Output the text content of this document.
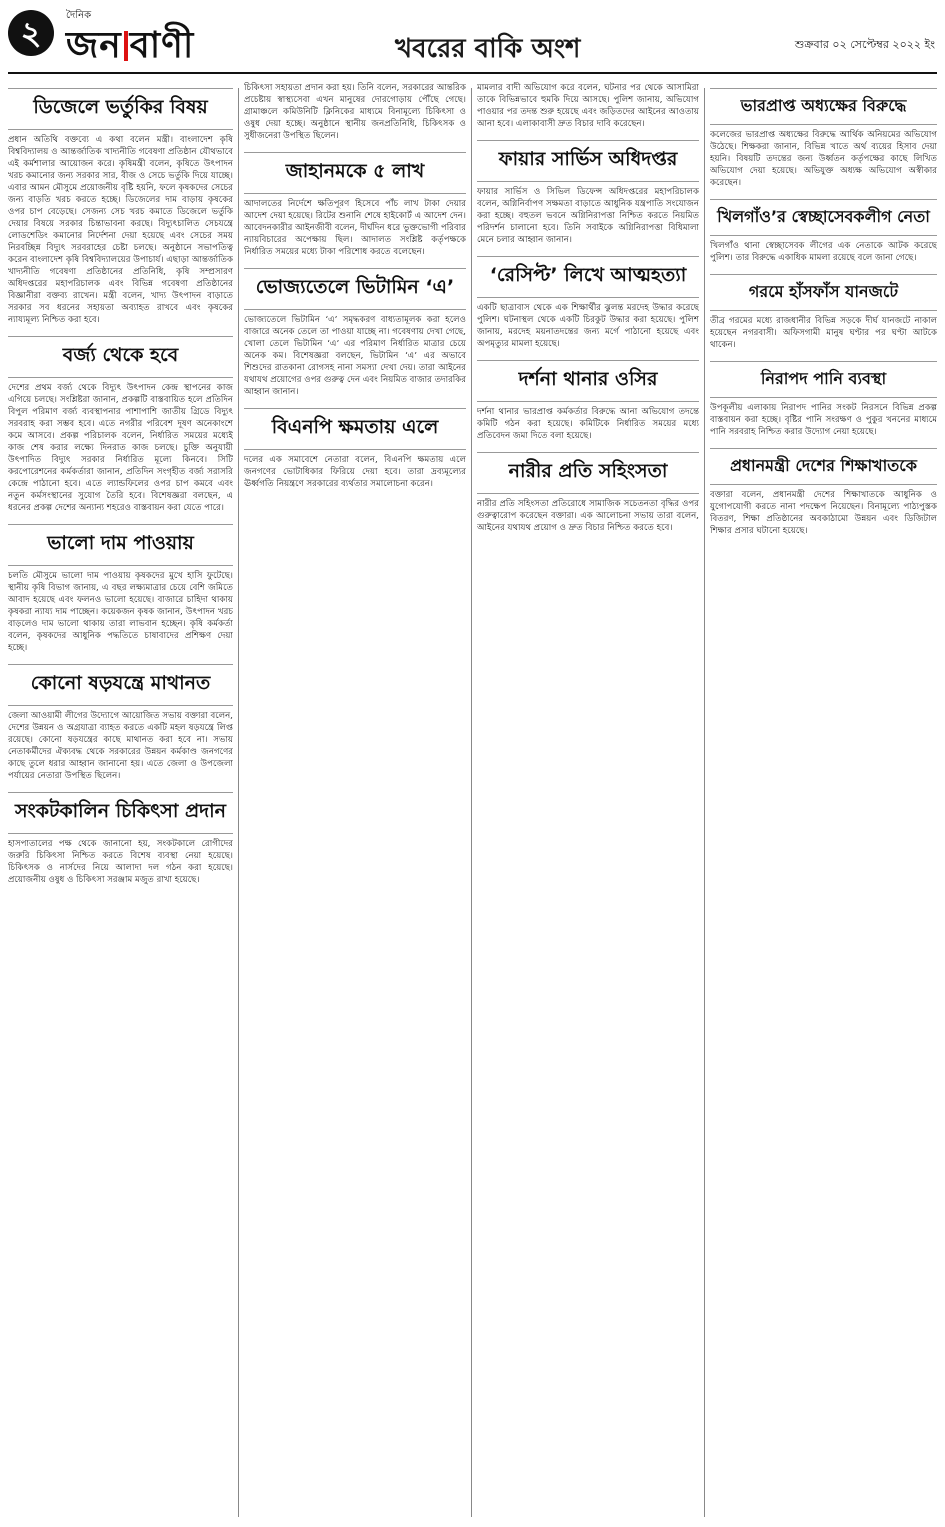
২	দৈনিক
জন বাণী	খবরের বাকি অংশ	শুক্রবার ০২ সেপ্টেম্বর ২০২২ ইং
ডিজেলে ভর্তুকির বিষয়

প্রধান অতিথি বক্তব্যে এ কথা বলেন মন্ত্রী। বাংলাদেশ কৃষি বিশ্ববিদ্যালয় ও আন্তর্জাতিক খাদ্যনীতি গবেষণা প্রতিষ্ঠান যৌথভাবে এই কর্মশালার আয়োজন করে। কৃষিমন্ত্রী বলেন, কৃষিতে উৎপাদন খরচ কমানোর জন্য সরকার সার, বীজ ও সেচে ভর্তুকি দিয়ে যাচ্ছে। এবার আমন মৌসুমে প্রয়োজনীয় বৃষ্টি হয়নি, ফলে কৃষকদের সেচের জন্য বাড়তি খরচ করতে হচ্ছে। ডিজেলের দাম বাড়ায় কৃষকের ওপর চাপ বেড়েছে। সেজন্য সেচ খরচ কমাতে ডিজেলে ভর্তুকি দেয়ার বিষয়ে সরকার চিন্তাভাবনা করছে। বিদ্যুৎচালিত সেচযন্ত্রে লোডশেডিং কমানোর নির্দেশনা দেয়া হয়েছে এবং সেচের সময় নিরবচ্ছিন্ন বিদ্যুৎ সরবরাহের চেষ্টা চলছে। অনুষ্ঠানে সভাপতিত্ব করেন বাংলাদেশ কৃষি বিশ্ববিদ্যালয়ের উপাচার্য। এছাড়া আন্তর্জাতিক খাদ্যনীতি গবেষণা প্রতিষ্ঠানের প্রতিনিধি, কৃষি সম্প্রসারণ অধিদপ্তরের মহাপরিচালক এবং বিভিন্ন গবেষণা প্রতিষ্ঠানের বিজ্ঞানীরা বক্তব্য রাখেন। মন্ত্রী বলেন, খাদ্য উৎপাদন বাড়াতে সরকার সব ধরনের সহায়তা অব্যাহত রাখবে এবং কৃষকের ন্যায্যমূল্য নিশ্চিত করা হবে।

বর্জ্য থেকে হবে

দেশের প্রথম বর্জ্য থেকে বিদ্যুৎ উৎপাদন কেন্দ্র স্থাপনের কাজ এগিয়ে চলছে। সংশ্লিষ্টরা জানান, প্রকল্পটি বাস্তবায়িত হলে প্রতিদিন বিপুল পরিমাণ বর্জ্য ব্যবস্থাপনার পাশাপাশি জাতীয় গ্রিডে বিদ্যুৎ সরবরাহ করা সম্ভব হবে। এতে নগরীর পরিবেশ দূষণ অনেকাংশে কমে আসবে। প্রকল্প পরিচালক বলেন, নির্ধারিত সময়ের মধ্যেই কাজ শেষ করার লক্ষ্যে দিনরাত কাজ চলছে। চুক্তি অনুযায়ী উৎপাদিত বিদ্যুৎ সরকার নির্ধারিত মূল্যে কিনবে। সিটি করপোরেশনের কর্মকর্তারা জানান, প্রতিদিন সংগৃহীত বর্জ্য সরাসরি কেন্দ্রে পাঠানো হবে। এতে ল্যান্ডফিলের ওপর চাপ কমবে এবং নতুন কর্মসংস্থানের সুযোগ তৈরি হবে। বিশেষজ্ঞরা বলছেন, এ ধরনের প্রকল্প দেশের অন্যান্য শহরেও বাস্তবায়ন করা যেতে পারে।

ভালো দাম পাওয়ায়

চলতি মৌসুমে ভালো দাম পাওয়ায় কৃষকদের মুখে হাসি ফুটেছে। স্থানীয় কৃষি বিভাগ জানায়, এ বছর লক্ষ্যমাত্রার চেয়ে বেশি জমিতে আবাদ হয়েছে এবং ফলনও ভালো হয়েছে। বাজারে চাহিদা থাকায় কৃষকরা ন্যায্য দাম পাচ্ছেন। কয়েকজন কৃষক জানান, উৎপাদন খরচ বাড়লেও দাম ভালো থাকায় তারা লাভবান হচ্ছেন। কৃষি কর্মকর্তা বলেন, কৃষকদের আধুনিক পদ্ধতিতে চাষাবাদের প্রশিক্ষণ দেয়া হচ্ছে।

কোনো ষড়যন্ত্রে মাথানত

জেলা আওয়ামী লীগের উদ্যোগে আয়োজিত সভায় বক্তারা বলেন, দেশের উন্নয়ন ও অগ্রযাত্রা ব্যাহত করতে একটি মহল ষড়যন্ত্রে লিপ্ত রয়েছে। কোনো ষড়যন্ত্রের কাছে মাথানত করা হবে না। সভায় নেতাকর্মীদের ঐক্যবদ্ধ থেকে সরকারের উন্নয়ন কর্মকাণ্ড জনগণের কাছে তুলে ধরার আহ্বান জানানো হয়। এতে জেলা ও উপজেলা পর্যায়ের নেতারা উপস্থিত ছিলেন।

সংকটকালিন চিকিৎসা প্রদান

হাসপাতালের পক্ষ থেকে জানানো হয়, সংকটকালে রোগীদের জরুরি চিকিৎসা নিশ্চিত করতে বিশেষ ব্যবস্থা নেয়া হয়েছে। চিকিৎসক ও নার্সদের নিয়ে আলাদা দল গঠন করা হয়েছে। প্রয়োজনীয় ওষুধ ও চিকিৎসা সরঞ্জাম মজুত রাখা হয়েছে।

চিকিৎসা সহায়তা প্রদান করা হয়। তিনি বলেন, সরকারের আন্তরিক প্রচেষ্টায় স্বাস্থ্যসেবা এখন মানুষের দোরগোড়ায় পৌঁছে গেছে। গ্রামাঞ্চলে কমিউনিটি ক্লিনিকের মাধ্যমে বিনামূল্যে চিকিৎসা ও ওষুধ দেয়া হচ্ছে। অনুষ্ঠানে স্থানীয় জনপ্রতিনিধি, চিকিৎসক ও সুধীজনেরা উপস্থিত ছিলেন।

জাহানমকে ৫ লাখ

আদালতের নির্দেশে ক্ষতিপূরণ হিসেবে পাঁচ লাখ টাকা দেয়ার আদেশ দেয়া হয়েছে। রিটের শুনানি শেষে হাইকোর্ট এ আদেশ দেন। আবেদনকারীর আইনজীবী বলেন, দীর্ঘদিন ধরে ভুক্তভোগী পরিবার ন্যায়বিচারের অপেক্ষায় ছিল। আদালত সংশ্লিষ্ট কর্তৃপক্ষকে নির্ধারিত সময়ের মধ্যে টাকা পরিশোধ করতে বলেছেন।

ভোজ্যতেলে ভিটামিন ‘এ’

ভোজ্যতেলে ভিটামিন ‘এ’ সমৃদ্ধকরণ বাধ্যতামূলক করা হলেও বাজারে অনেক তেলে তা পাওয়া যাচ্ছে না। গবেষণায় দেখা গেছে, খোলা তেলে ভিটামিন ‘এ’ এর পরিমাণ নির্ধারিত মাত্রার চেয়ে অনেক কম। বিশেষজ্ঞরা বলছেন, ভিটামিন ‘এ’ এর অভাবে শিশুদের রাতকানা রোগসহ নানা সমস্যা দেখা দেয়। তারা আইনের যথাযথ প্রয়োগের ওপর গুরুত্ব দেন এবং নিয়মিত বাজার তদারকির আহ্বান জানান।

বিএনপি ক্ষমতায় এলে

দলের এক সমাবেশে নেতারা বলেন, বিএনপি ক্ষমতায় এলে জনগণের ভোটাধিকার ফিরিয়ে দেয়া হবে। তারা দ্রব্যমূল্যের ঊর্ধ্বগতি নিয়ন্ত্রণে সরকারের ব্যর্থতার সমালোচনা করেন।

মামলার বাদী অভিযোগ করে বলেন, ঘটনার পর থেকে আসামিরা তাকে বিভিন্নভাবে হুমকি দিয়ে আসছে। পুলিশ জানায়, অভিযোগ পাওয়ার পর তদন্ত শুরু হয়েছে এবং জড়িতদের আইনের আওতায় আনা হবে। এলাকাবাসী দ্রুত বিচার দাবি করেছেন।

ফায়ার সার্ভিস অধিদপ্তর

ফায়ার সার্ভিস ও সিভিল ডিফেন্স অধিদপ্তরের মহাপরিচালক বলেন, অগ্নিনির্বাপণ সক্ষমতা বাড়াতে আধুনিক যন্ত্রপাতি সংযোজন করা হচ্ছে। বহুতল ভবনে অগ্নিনিরাপত্তা নিশ্চিত করতে নিয়মিত পরিদর্শন চালানো হবে। তিনি সবাইকে অগ্নিনিরাপত্তা বিধিমালা মেনে চলার আহ্বান জানান।

‘রেসিপ্ট’ লিখে আত্মহত্যা

একটি ছাত্রাবাস থেকে এক শিক্ষার্থীর ঝুলন্ত মরদেহ উদ্ধার করেছে পুলিশ। ঘটনাস্থল থেকে একটি চিরকুট উদ্ধার করা হয়েছে। পুলিশ জানায়, মরদেহ ময়নাতদন্তের জন্য মর্গে পাঠানো হয়েছে এবং অপমৃত্যুর মামলা হয়েছে।

দর্শনা থানার ওসির

দর্শনা থানার ভারপ্রাপ্ত কর্মকর্তার বিরুদ্ধে আনা অভিযোগ তদন্তে কমিটি গঠন করা হয়েছে। কমিটিকে নির্ধারিত সময়ের মধ্যে প্রতিবেদন জমা দিতে বলা হয়েছে।

নারীর প্রতি সহিংসতা

নারীর প্রতি সহিংসতা প্রতিরোধে সামাজিক সচেতনতা বৃদ্ধির ওপর গুরুত্বারোপ করেছেন বক্তারা। এক আলোচনা সভায় তারা বলেন, আইনের যথাযথ প্রয়োগ ও দ্রুত বিচার নিশ্চিত করতে হবে।

ভারপ্রাপ্ত অধ্যক্ষের বিরুদ্ধে

কলেজের ভারপ্রাপ্ত অধ্যক্ষের বিরুদ্ধে আর্থিক অনিয়মের অভিযোগ উঠেছে। শিক্ষকরা জানান, বিভিন্ন খাতে অর্থ ব্যয়ের হিসাব দেয়া হয়নি। বিষয়টি তদন্তের জন্য উর্ধ্বতন কর্তৃপক্ষের কাছে লিখিত অভিযোগ দেয়া হয়েছে। অভিযুক্ত অধ্যক্ষ অভিযোগ অস্বীকার করেছেন।

খিলগাঁও’র স্বেচ্ছাসেবকলীগ নেতা

খিলগাঁও থানা স্বেচ্ছাসেবক লীগের এক নেতাকে আটক করেছে পুলিশ। তার বিরুদ্ধে একাধিক মামলা রয়েছে বলে জানা গেছে।

গরমে হাঁসফাঁস যানজটে

তীব্র গরমের মধ্যে রাজধানীর বিভিন্ন সড়কে দীর্ঘ যানজটে নাকাল হয়েছেন নগরবাসী। অফিসগামী মানুষ ঘণ্টার পর ঘণ্টা আটকে থাকেন।

নিরাপদ পানি ব্যবস্থা

উপকূলীয় এলাকায় নিরাপদ পানির সংকট নিরসনে বিভিন্ন প্রকল্প বাস্তবায়ন করা হচ্ছে। বৃষ্টির পানি সংরক্ষণ ও পুকুর খননের মাধ্যমে পানি সরবরাহ নিশ্চিত করার উদ্যোগ নেয়া হয়েছে।

প্রধানমন্ত্রী দেশের শিক্ষাখাতকে

বক্তারা বলেন, প্রধানমন্ত্রী দেশের শিক্ষাখাতকে আধুনিক ও যুগোপযোগী করতে নানা পদক্ষেপ নিয়েছেন। বিনামূল্যে পাঠ্যপুস্তক বিতরণ, শিক্ষা প্রতিষ্ঠানের অবকাঠামো উন্নয়ন এবং ডিজিটাল শিক্ষার প্রসার ঘটানো হয়েছে।
